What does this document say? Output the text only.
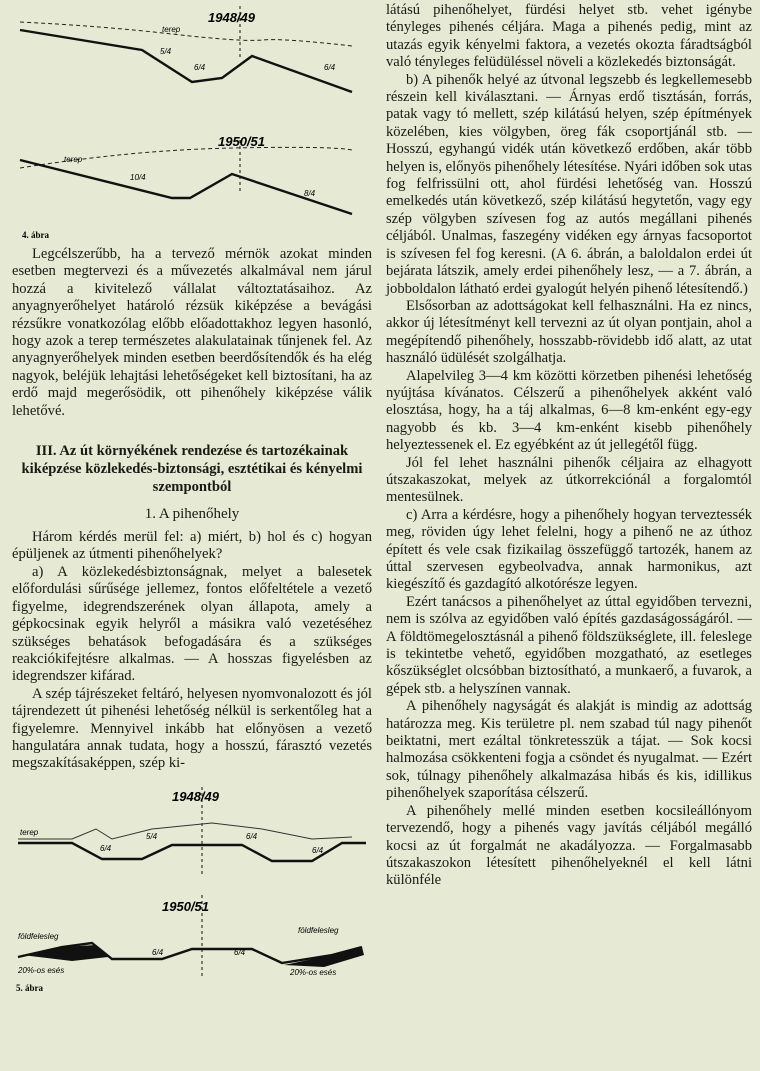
1948/49
terep
5/4
6/4	6/4
1950/51
terep
10/4
8/4
4. ábra

Legcélszerűbb, ha a tervező mérnök azokat minden esetben megtervezi és a művezetés alkalmával nem járul hozzá a kivitelező vállalat változtatásaihoz. Az anyagnyerőhelyet határoló rézsük kiképzése a bevágási rézsűkre vonatkozólag előbb előadottakhoz legyen hasonló, hogy azok a terep természetes alakulatainak tűnjenek fel. Az anyagnyerőhelyek minden esetben beerdősítendők és ha elég nagyok, beléjük lehajtási lehetőségeket kell biztosítani, ha az erdő majd megerősödik, ott pihenőhely kiképzése válik lehetővé.

III. Az út környékének rendezése és tartozékainak kiképzése közlekedés-biztonsági, esztétikai és kényelmi szempontból

1. A pihenőhely

Három kérdés merül fel: a) miért, b) hol és c) hogyan épüljenek az útmenti pihenőhelyek?

a) A közlekedésbiztonságnak, melyet a balesetek előfordulási sűrűsége jellemez, fontos előfeltétele a vezető figyelme, idegrendszerének olyan állapota, amely a gépkocsinak egyik helyről a másikra való vezetéséhez szükséges behatások befogadására és a szükséges reakciókifejtésre alkalmas. — A hosszas figyelésben az idegrendszer kifárad.

A szép tájrészeket feltáró, helyesen nyomvonalozott és jól tájrendezett út pihenési lehetőség nélkül is serkentőleg hat a figyelemre. Mennyivel inkább hat előnyösen a vezető hangulatára annak tudata, hogy a hosszú, fárasztó vezetés megszakításaképpen, szép ki-

1948/49
terep
6/4
5/4	6/4
6/4
1950/51
földfelesleg
földfelesleg
20%-os esés	20%-os esés
6/4	6/4
5. ábra

látású pihenőhelyet, fürdési helyet stb. vehet igénybe tényleges pihenés céljára. Maga a pihenés pedig, mint az utazás egyik kényelmi faktora, a vezetés okozta fáradtságból való tényleges felüdüléssel növeli a közlekedés biztonságát.

b) A pihenők helyé az útvonal legszebb és legkellemesebb részein kell kiválasztani. — Árnyas erdő tisztásán, forrás, patak vagy tó mellett, szép kilátású helyen, szép építmények közelében, kies völgyben, öreg fák csoportjánál stb. — Hosszú, egyhangú vidék után következő erdőben, akár több helyen is, előnyös pihenőhely létesítése. Nyári időben sok utas fog felfrissülni ott, ahol fürdési lehetőség van. Hosszú emelkedés után következő, szép kilátású hegytetőn, vagy egy szép völgyben szívesen fog az autós megállani pihenés céljából. Unalmas, faszegény vidéken egy árnyas facsoportot is szívesen fel fog keresni. (A 6. ábrán, a baloldalon erdei út bejárata látszik, amely erdei pihenőhely lesz, — a 7. ábrán, a jobboldalon látható erdei gyalogút helyén pihenő létesítendő.)

Elsősorban az adottságokat kell felhasználni. Ha ez nincs, akkor új létesítményt kell tervezni az út olyan pontjain, ahol a megépítendő pihenőhely, hosszabb-rövidebb idő alatt, az utat használó üdülését szolgálhatja.

Alapelvileg 3—4 km közötti körzetben pihenési lehetőség nyújtása kívánatos. Célszerű a pihenőhelyek akként való elosztása, hogy, ha a táj alkalmas, 6—8 km-enként egy-egy nagyobb és kb. 3—4 km-enként kisebb pihenőhely helyeztessenek el. Ez egyébként az út jellegétől függ.

Jól fel lehet használni pihenők céljaira az elhagyott útszakaszokat, melyek az útkorrekciónál a forgalomtól mentesülnek.

c) Arra a kérdésre, hogy a pihenőhely hogyan terveztessék meg, röviden úgy lehet felelni, hogy a pihenő ne az úthoz épített és vele csak fizikailag összefüggő tartozék, hanem az úttal szervesen egybeolvadva, annak harmonikus, azt kiegészítő és gazdagító alkotórésze legyen.

Ezért tanácsos a pihenőhelyet az úttal egyidőben tervezni, nem is szólva az egyidőben való építés gazdaságosságáról. — A földtömegelosztásnál a pihenő földszükséglete, ill. feleslege is tekintetbe vehető, egyidőben mozgatható, az esetleges kőszükséglet olcsóbban biztosítható, a munkaerő, a fuvarok, a gépek stb. a helyszínen vannak.

A pihenőhely nagyságát és alakját is mindig az adottság határozza meg. Kis területre pl. nem szabad túl nagy pihenőt beiktatni, mert ezáltal tönkretesszük a tájat. — Sok kocsi halmozása csökkenteni fogja a csöndet és nyugalmat. — Ezért sok, túlnagy pihenőhely alkalmazása hibás és kis, idillikus pihenőhelyek szaporítása célszerű.

A pihenőhely mellé minden esetben kocsileállónyom tervezendő, hogy a pihenés vagy javítás céljából megálló kocsi az út forgalmát ne akadályozza. — Forgalmasabb útszakaszokon létesített pihenőhelyeknél el kell látni különféle
